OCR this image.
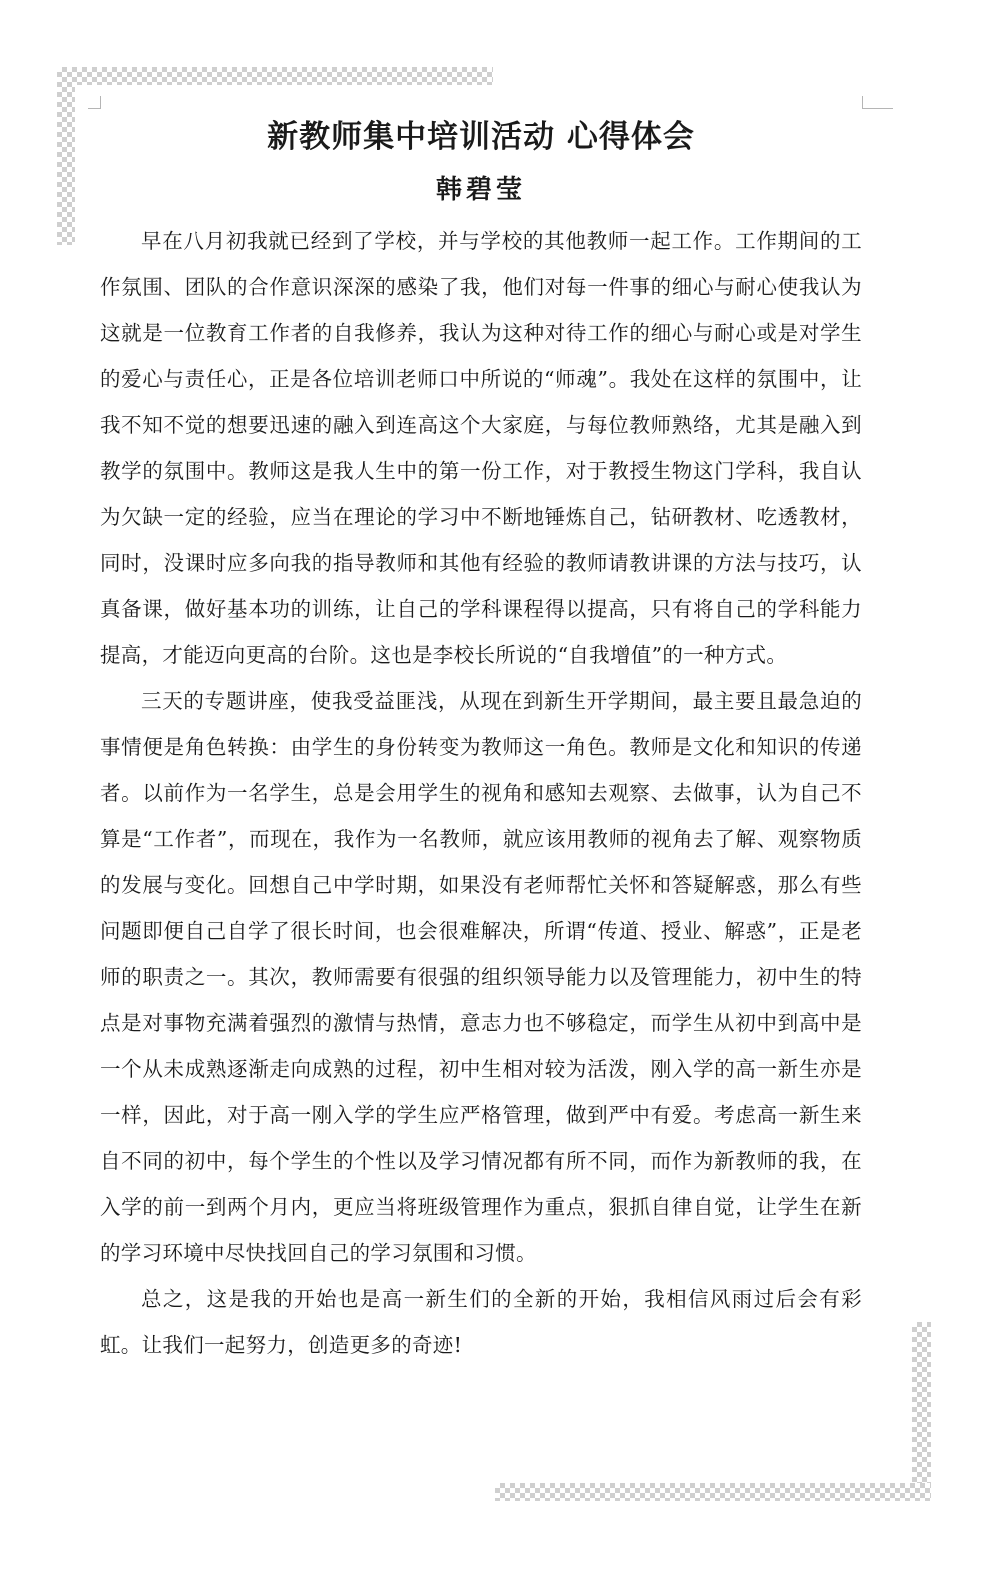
新教师集中培训活动 心得体会
韩碧莹

早在八月初我就已经到了学校，并与学校的其他教师一起工作。工作期间的工作氛围、团队的合作意识深深的感染了我，他们对每一件事的细心与耐心使我认为这就是一位教育工作者的自我修养，我认为这种对待工作的细心与耐心或是对学生的爱心与责任心，正是各位培训老师口中所说的“师魂”。我处在这样的氛围中，让我不知不觉的想要迅速的融入到连高这个大家庭，与每位教师熟络，尤其是融入到教学的氛围中。教师这是我人生中的第一份工作，对于教授生物这门学科，我自认为欠缺一定的经验，应当在理论的学习中不断地锤炼自己，钻研教材、吃透教材，同时，没课时应多向我的指导教师和其他有经验的教师请教讲课的方法与技巧，认真备课，做好基本功的训练，让自己的学科课程得以提高，只有将自己的学科能力提高，才能迈向更高的台阶。这也是李校长所说的“自我增值”的一种方式。

三天的专题讲座，使我受益匪浅，从现在到新生开学期间，最主要且最急迫的事情便是角色转换：由学生的身份转变为教师这一角色。教师是文化和知识的传递者。以前作为一名学生，总是会用学生的视角和感知去观察、去做事，认为自己不算是“工作者”，而现在，我作为一名教师，就应该用教师的视角去了解、观察物质的发展与变化。回想自己中学时期，如果没有老师帮忙关怀和答疑解惑，那么有些问题即便自己自学了很长时间，也会很难解决，所谓“传道、授业、解惑”，正是老师的职责之一。其次，教师需要有很强的组织领导能力以及管理能力，初中生的特点是对事物充满着强烈的激情与热情，意志力也不够稳定，而学生从初中到高中是一个从未成熟逐渐走向成熟的过程，初中生相对较为活泼，刚入学的高一新生亦是一样，因此，对于高一刚入学的学生应严格管理，做到严中有爱。考虑高一新生来自不同的初中，每个学生的个性以及学习情况都有所不同，而作为新教师的我，在入学的前一到两个月内，更应当将班级管理作为重点，狠抓自律自觉，让学生在新的学习环境中尽快找回自己的学习氛围和习惯。

总之，这是我的开始也是高一新生们的全新的开始，我相信风雨过后会有彩虹。让我们一起努力，创造更多的奇迹!
